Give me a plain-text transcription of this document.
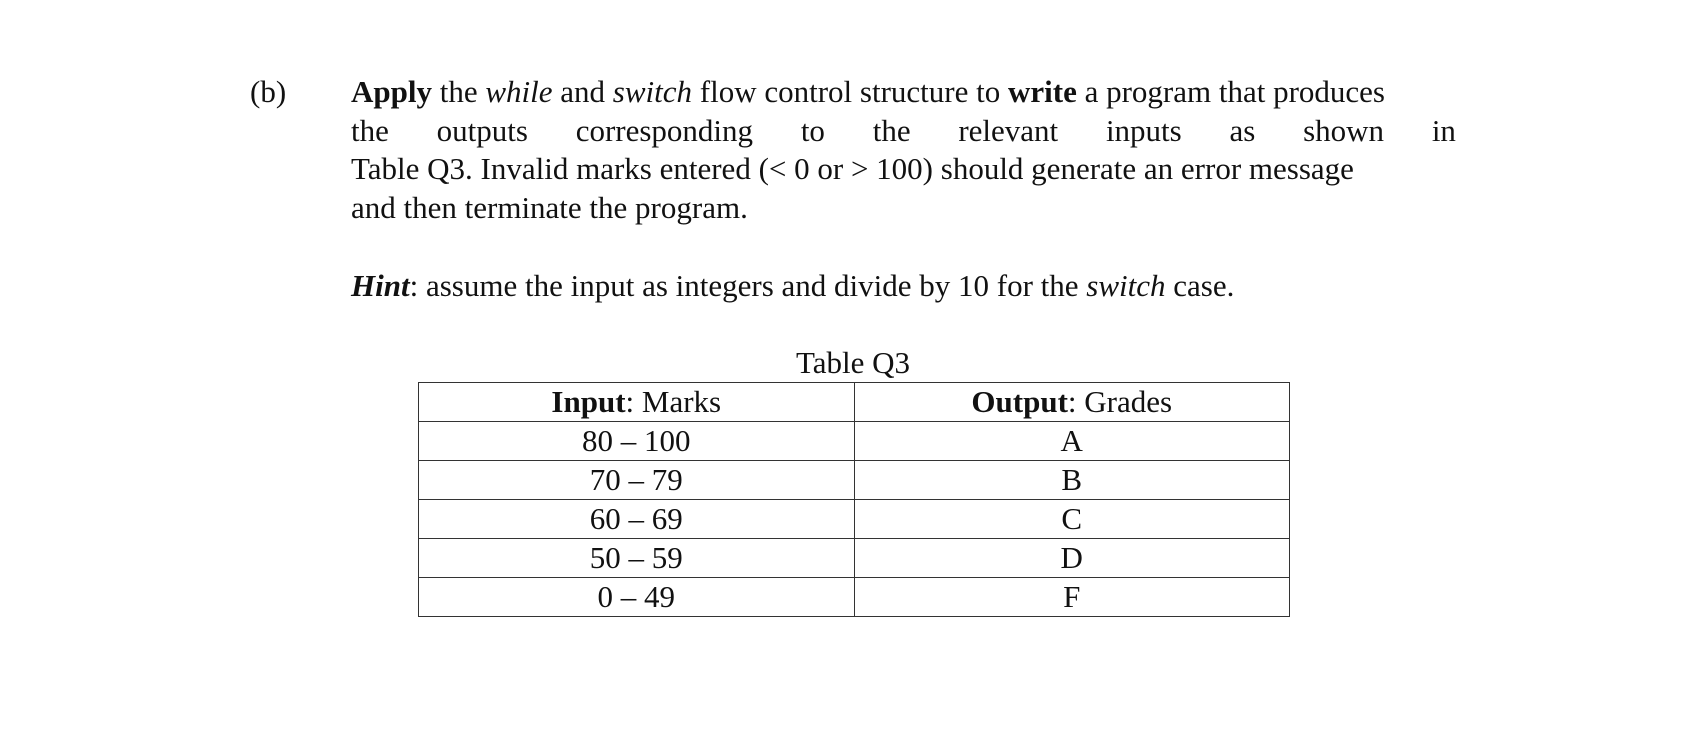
(b) Apply the while and switch flow control structure to write a program that produces
the outputs corresponding to the relevant inputs as shown in
Table Q3. Invalid marks entered (< 0 or > 100) should generate an error message
and then terminate the program.
Hint: assume the input as integers and divide by 10 for the switch case.
Table Q3
Input: Marks	Output: Grades
80 – 100	A
70 – 79	B
60 – 69	C
50 – 59	D
0 – 49	F
